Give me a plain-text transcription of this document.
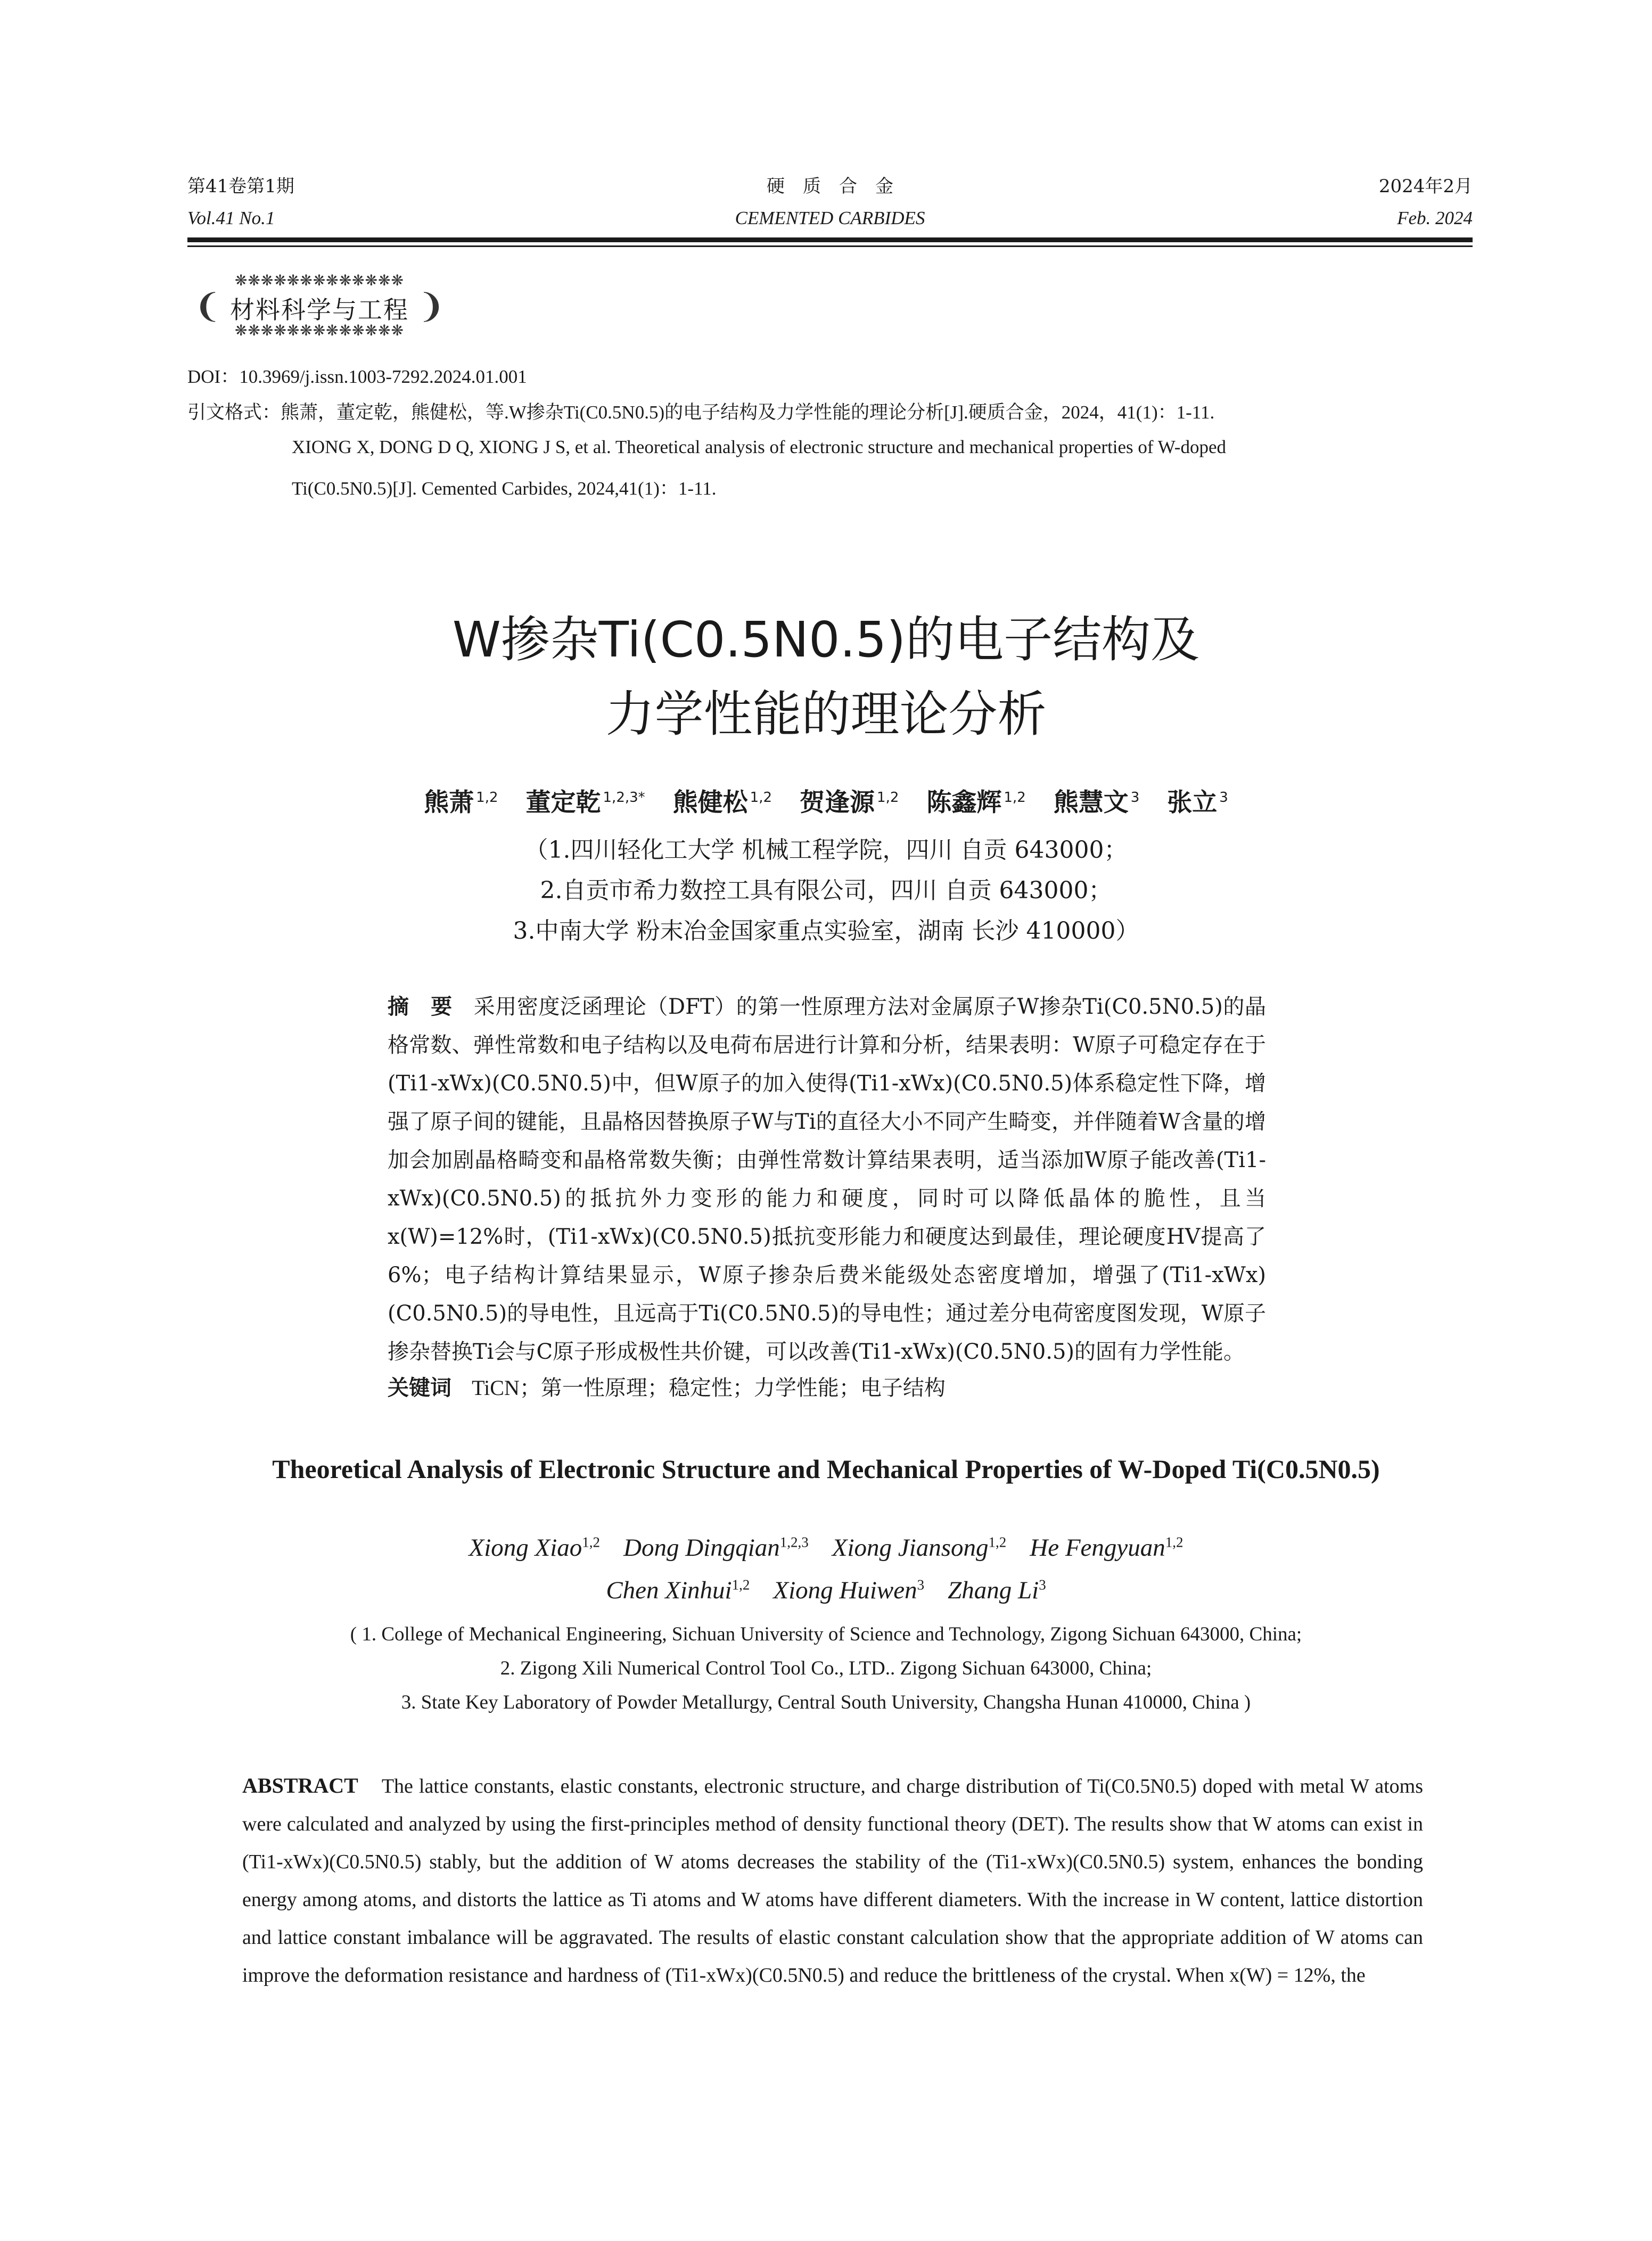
第41卷第1期	硬　质　合　金	2024年2月
Vol.41 No.1	CEMENTED CARBIDES	Feb. 2024
❋❋❋❋❋❋❋❋❋❋❋❋❋
❨ 材料科学与工程 ❩
❋❋❋❋❋❋❋❋❋❋❋❋❋
DOI：10.3969/j.issn.1003-7292.2024.01.001
引文格式：熊萧，董定乾，熊健松，等.W掺杂Ti(C0.5N0.5)的电子结构及力学性能的理论分析[J].硬质合金，2024，41(1)：1-11.
XIONG X, DONG D Q, XIONG J S, et al. Theoretical analysis of electronic structure and mechanical properties of W-doped
Ti(C0.5N0.5)[J]. Cemented Carbides, 2024,41(1)：1-11.
W掺杂Ti(C0.5N0.5)的电子结构及
力学性能的理论分析
熊萧 $^{1,2}$ 董定乾 $^{1,2,3*}$ 熊健松 $^{1,2}$ 贺逢源 $^{1,2}$ 陈鑫辉 $^{1,2}$ 熊慧文 $^3$ 张立 $^3$
（1.四川轻化工大学 机械工程学院，四川 自贡 643000；
2.自贡市希力数控工具有限公司，四川 自贡 643000；
3.中南大学 粉末冶金国家重点实验室，湖南 长沙 410000）
摘　要 采用密度泛函理论（DFT）的第一性原理方法对金属原子W掺杂Ti(C0.5N0.5)的晶格常数、弹性常数和电子结构以及电荷布居进行计算和分析，结果表明：W原子可稳定存在于(Ti1-xWx)(C0.5N0.5)中，但W原子的加入使得(Ti1-xWx)(C0.5N0.5)体系稳定性下降，增强了原子间的键能，且晶格因替换原子W与Ti的直径大小不同产生畸变，并伴随着W含量的增加会加剧晶格畸变和晶格常数失衡；由弹性常数计算结果表明，适当添加W原子能改善(Ti1-xWx)(C0.5N0.5)的抵抗外力变形的能力和硬度，同时可以降低晶体的脆性，且当x(W)=12%时，(Ti1-xWx)(C0.5N0.5)抵抗变形能力和硬度达到最佳，理论硬度HV提高了6%；电子结构计算结果显示，W原子掺杂后费米能级处态密度增加，增强了(Ti1-xWx)(C0.5N0.5)的导电性，且远高于Ti(C0.5N0.5)的导电性；通过差分电荷密度图发现，W原子掺杂替换Ti会与C原子形成极性共价键，可以改善(Ti1-xWx)(C0.5N0.5)的固有力学性能。
关键词 TiCN；第一性原理；稳定性；力学性能；电子结构
Theoretical Analysis of Electronic Structure and Mechanical Properties of W-Doped Ti(C0.5N0.5)
Xiong Xiao$^{1,2}$ Dong Dingqian$^{1,2,3}$ Xiong Jiansong$^{1,2}$ He Fengyuan$^{1,2}$
Chen Xinhui$^{1,2}$ Xiong Huiwen$^3$ Zhang Li$^3$
( 1. College of Mechanical Engineering, Sichuan University of Science and Technology, Zigong Sichuan 643000, China;
2. Zigong Xili Numerical Control Tool Co., LTD.. Zigong Sichuan 643000, China;
3. State Key Laboratory of Powder Metallurgy, Central South University, Changsha Hunan 410000, China )
ABSTRACT The lattice constants, elastic constants, electronic structure, and charge distribution of Ti(C0.5N0.5) doped with metal W atoms were calculated and analyzed by using the first-principles method of density functional theory (DET). The results show that W atoms can exist in (Ti1-xWx)(C0.5N0.5) stably, but the addition of W atoms decreases the stability of the (Ti1-xWx)(C0.5N0.5) system, enhances the bonding energy among atoms, and distorts the lattice as Ti atoms and W atoms have different diameters. With the increase in W content, lattice distortion and lattice constant imbalance will be aggravated. The results of elastic constant calculation show that the appropriate addition of W atoms can improve the deformation resistance and hardness of (Ti1-xWx)(C0.5N0.5) and reduce the brittleness of the crystal. When x(W) = 12%, the
